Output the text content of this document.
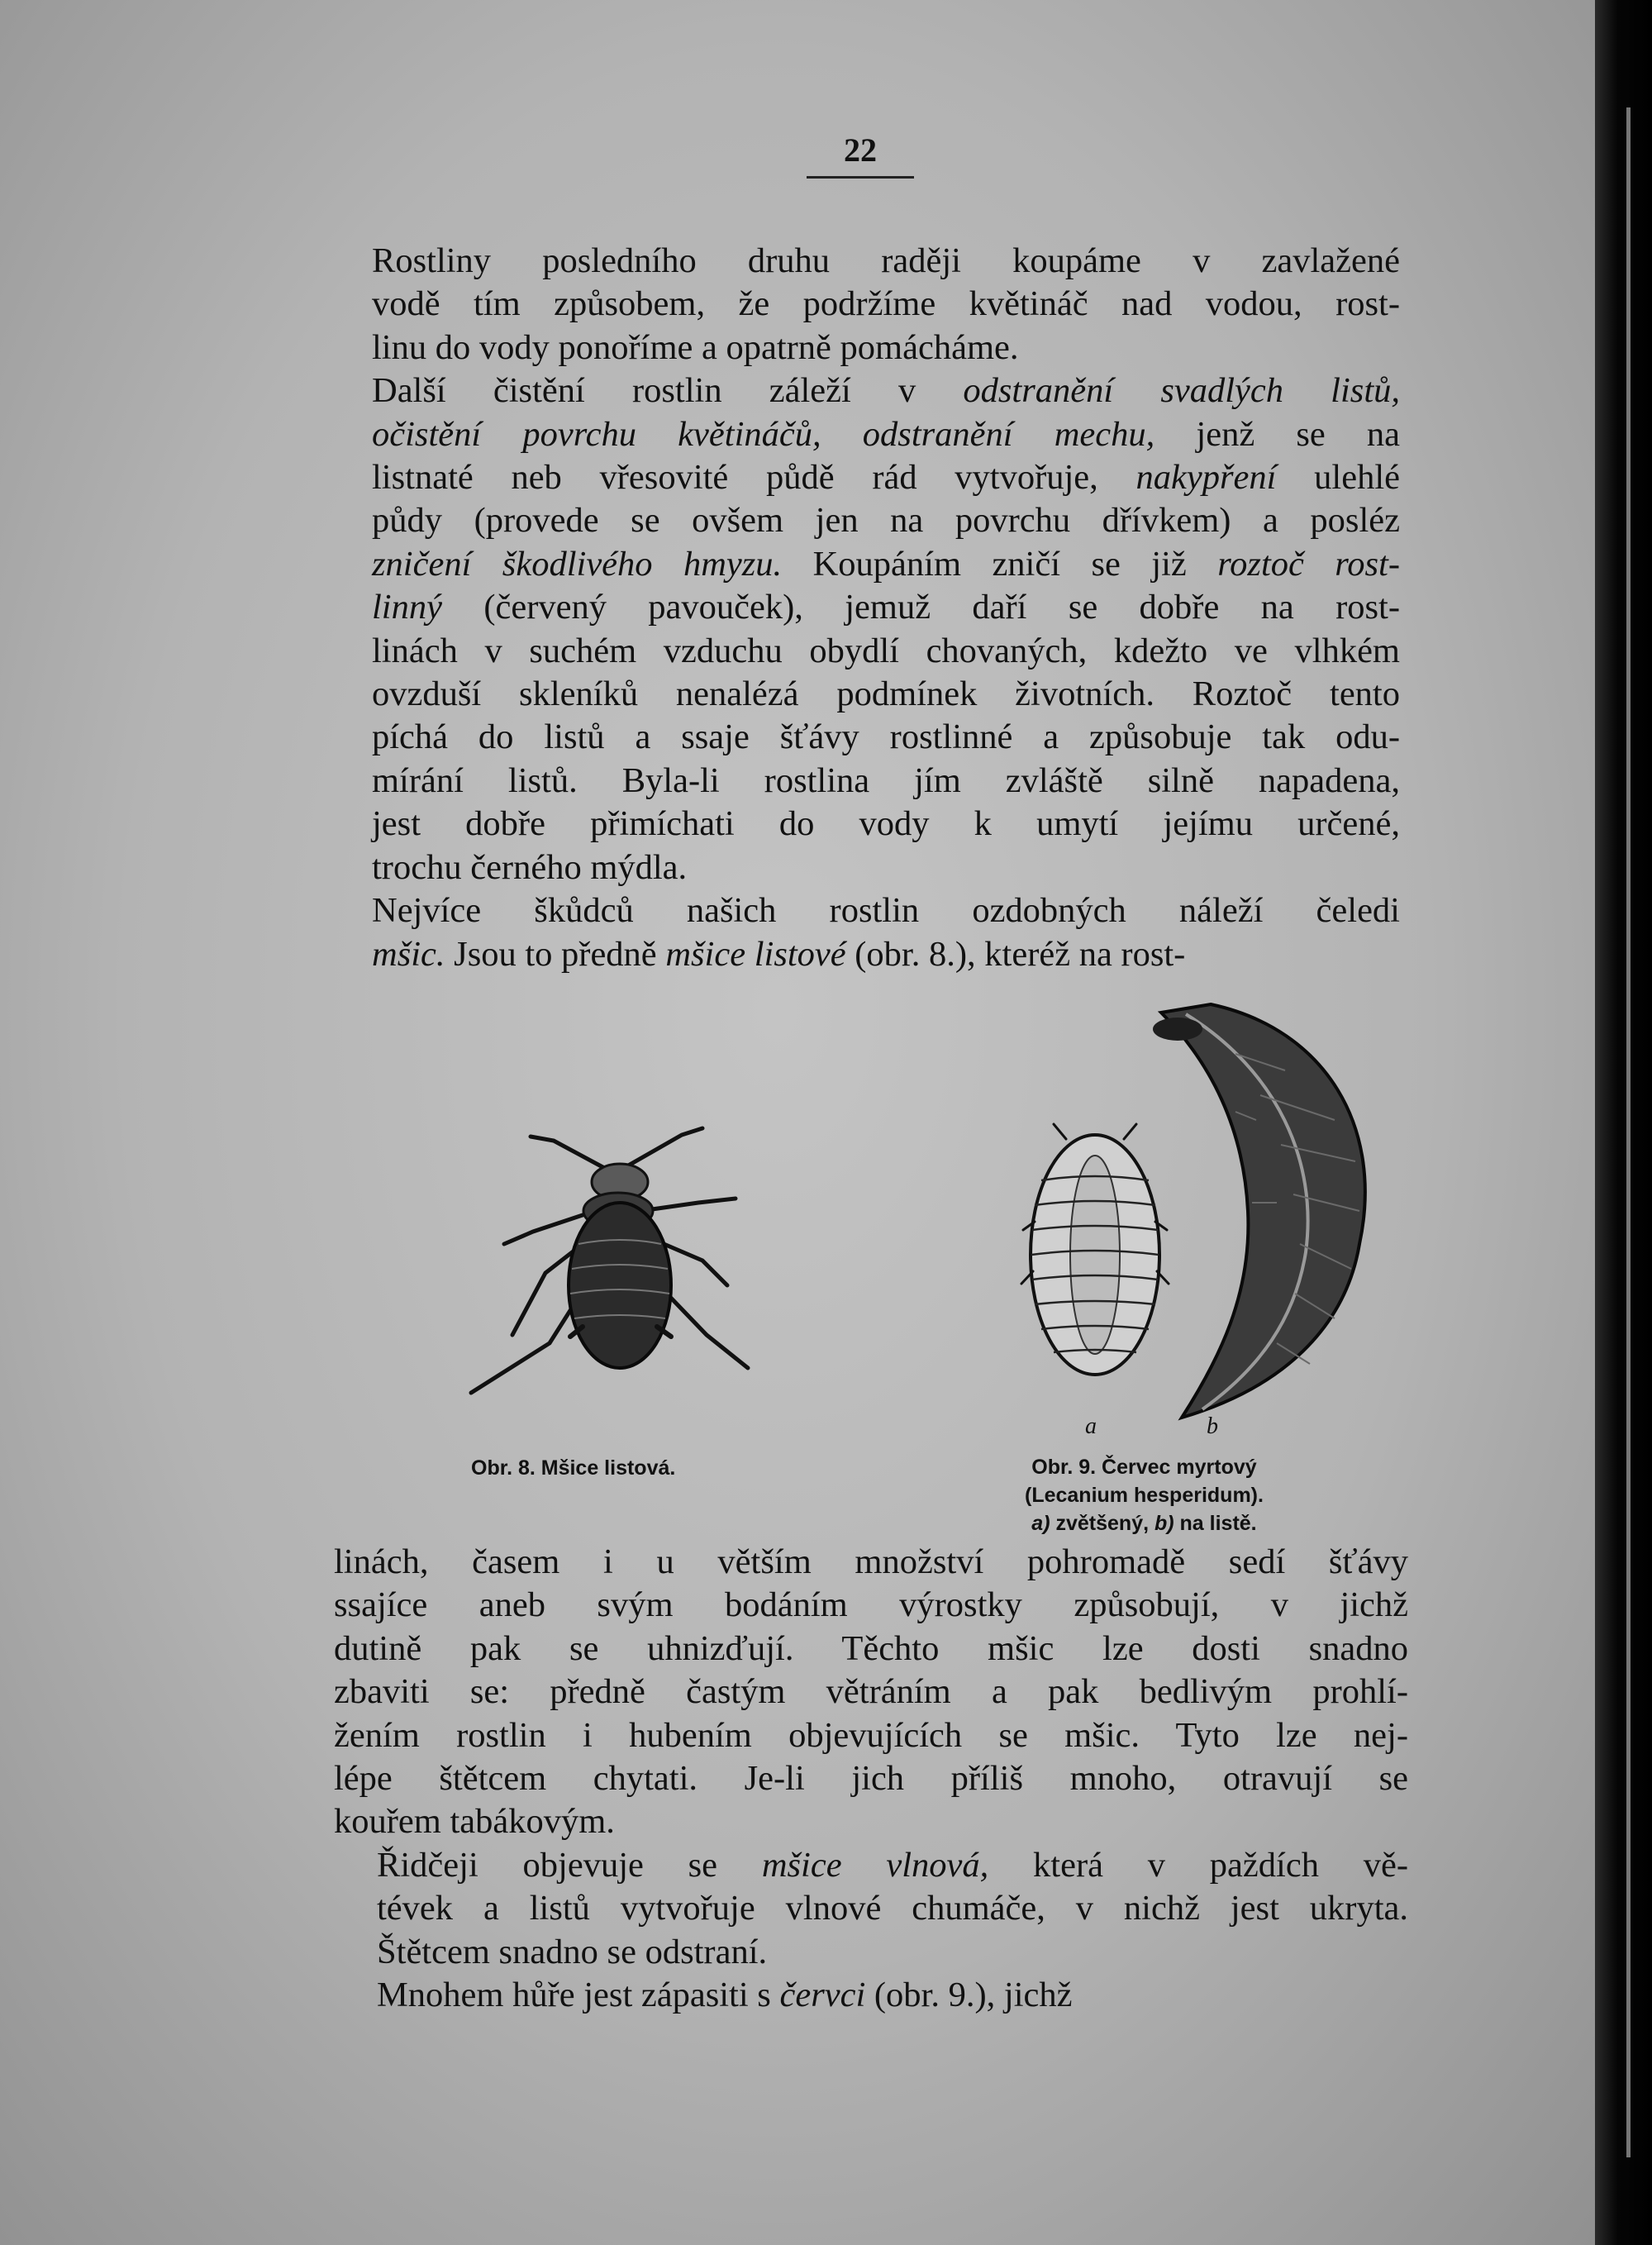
22
Rostliny posledního druhu raději koupáme v zavlažené
vodě tím způsobem, že podržíme květináč nad vodou, rost-
linu do vody ponoříme a opatrně pomácháme.
Další čistění rostlin záleží v odstranění svadlých listů,
očistění povrchu květináčů, odstranění mechu, jenž se na
listnaté neb vřesovité půdě rád vytvořuje, nakypření ulehlé
půdy (provede se ovšem jen na povrchu dřívkem) a posléz
zničení škodlivého hmyzu. Koupáním zničí se již roztoč rost-
linný (červený pavouček), jemuž daří se dobře na rost-
linách v suchém vzduchu obydlí chovaných, kdežto ve vlhkém
ovzduší skleníků nenalézá podmínek životních. Roztoč tento
píchá do listů a ssaje šťávy rostlinné a způsobuje tak odu-
mírání listů. Byla-li rostlina jím zvláště silně napadena,
jest dobře přimíchati do vody k umytí jejímu určené,
trochu černého mýdla.
Nejvíce škůdců našich rostlin ozdobných náleží čeledi
mšic. Jsou to předně mšice listové (obr. 8.), kteréž na rost-
a	b
Obr. 8. Mšice listová.	Obr. 9. Červec myrtový
(Lecanium hesperidum).
a) zvětšený, b) na listě.
linách, časem i u větším množství pohromadě sedí šťávy
ssajíce aneb svým bodáním výrostky způsobují, v jichž
dutině pak se uhnizďují. Těchto mšic lze dosti snadno
zbaviti se: předně častým větráním a pak bedlivým prohlí-
žením rostlin i hubením objevujících se mšic. Tyto lze nej-
lépe štětcem chytati. Je-li jich příliš mnoho, otravují se
kouřem tabákovým.
Řidčeji objevuje se mšice vlnová, která v paždích vě-
tévek a listů vytvořuje vlnové chumáče, v nichž jest ukryta.
Štětcem snadno se odstraní.
Mnohem hůře jest zápasiti s červci (obr. 9.), jichž
